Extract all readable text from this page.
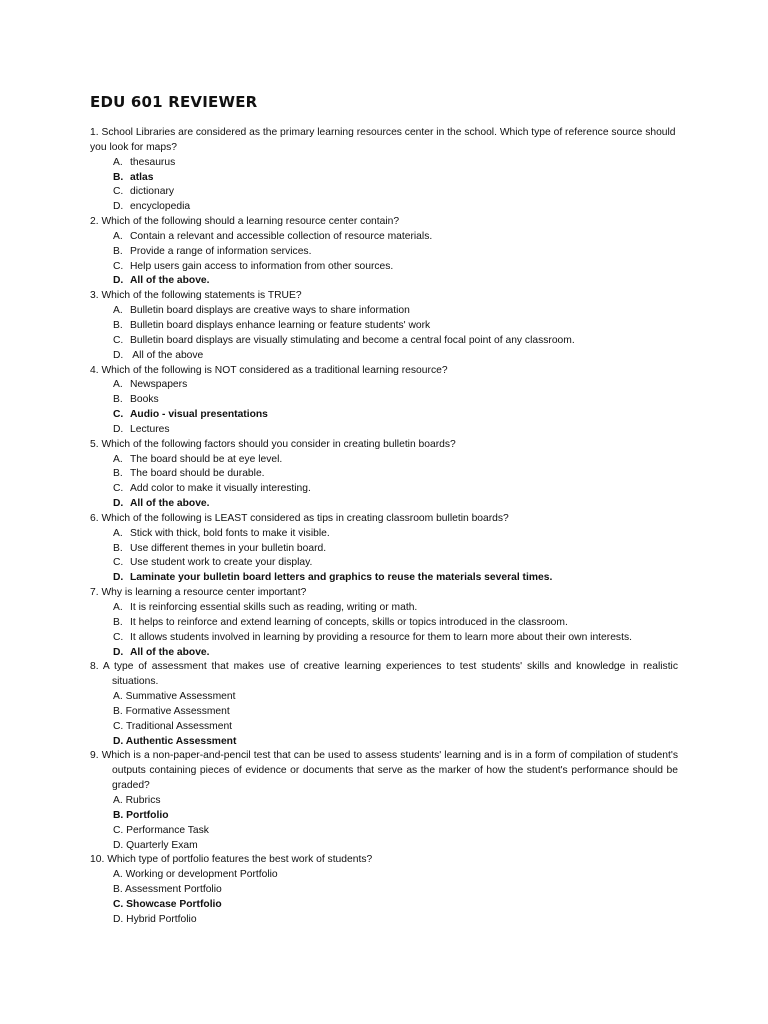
EDU 601 REVIEWER

1. School Libraries are considered as the primary learning resources center in the school. Which type of reference source should you look for maps?

A. thesaurus
B. atlas
C. dictionary
D. encyclopedia

2. Which of the following should a learning resource center contain?

A. Contain a relevant and accessible collection of resource materials.
B. Provide a range of information services.
C. Help users gain access to information from other sources.
D. All of the above.

3. Which of the following statements is TRUE?

A. Bulletin board displays are creative ways to share information
B. Bulletin board displays enhance learning or feature students' work
C. Bulletin board displays are visually stimulating and become a central focal point of any classroom.
D. All of the above

4. Which of the following is NOT considered as a traditional learning resource?

A. Newspapers
B. Books
C. Audio - visual presentations
D. Lectures

5. Which of the following factors should you consider in creating bulletin boards?

A. The board should be at eye level.
B. The board should be durable.
C. Add color to make it visually interesting.
D. All of the above.

6. Which of the following is LEAST considered as tips in creating classroom bulletin boards?

A. Stick with thick, bold fonts to make it visible.
B. Use different themes in your bulletin board.
C. Use student work to create your display.
D. Laminate your bulletin board letters and graphics to reuse the materials several times.

7. Why is learning a resource center important?

A. It is reinforcing essential skills such as reading, writing or math.
B. It helps to reinforce and extend learning of concepts, skills or topics introduced in the classroom.
C. It allows students involved in learning by providing a resource for them to learn more about their own interests.
D. All of the above.

8. A type of assessment that makes use of creative learning experiences to test students' skills and knowledge in realistic situations.

A. Summative Assessment
B. Formative Assessment
C. Traditional Assessment
D. Authentic Assessment

9. Which is a non-paper-and-pencil test that can be used to assess students' learning and is in a form of compilation of student's outputs containing pieces of evidence or documents that serve as the marker of how the student's performance should be graded?

A. Rubrics
B. Portfolio
C. Performance Task
D. Quarterly Exam

10. Which type of portfolio features the best work of students?

A. Working or development Portfolio
B. Assessment Portfolio
C. Showcase Portfolio
D. Hybrid Portfolio
